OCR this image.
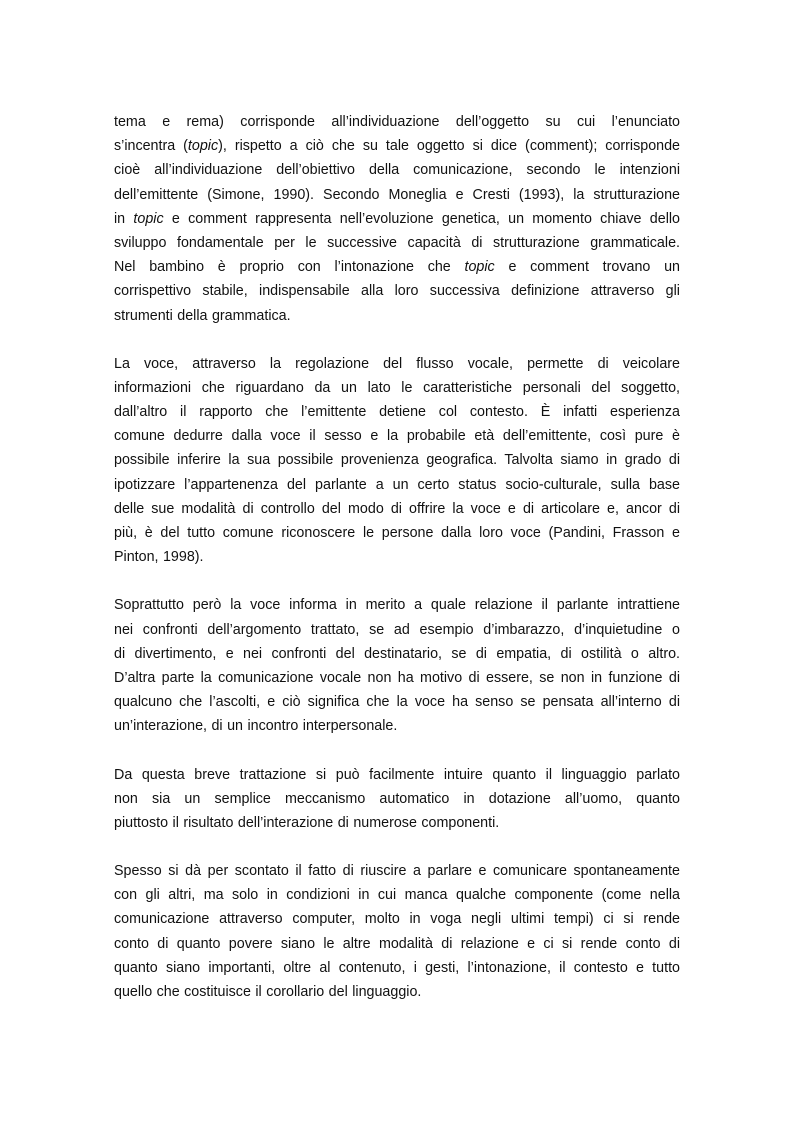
tema e rema) corrisponde all’individuazione dell’oggetto su cui l’enunciato
s’incentra (topic), rispetto a ciò che su tale oggetto si dice (comment); corrisponde
cioè all’individuazione dell’obiettivo della comunicazione, secondo le intenzioni
dell’emittente (Simone, 1990). Secondo Moneglia e Cresti (1993), la strutturazione
in topic e comment rappresenta nell’evoluzione genetica, un momento chiave dello
sviluppo fondamentale per le successive capacità di strutturazione grammaticale.
Nel bambino è proprio con l’intonazione che topic e comment trovano un
corrispettivo stabile, indispensabile alla loro successiva definizione attraverso gli
strumenti della grammatica.
La voce, attraverso la regolazione del flusso vocale, permette di veicolare
informazioni che riguardano da un lato le caratteristiche personali del soggetto,
dall’altro il rapporto che l’emittente detiene col contesto. È infatti esperienza
comune dedurre dalla voce il sesso e la probabile età dell’emittente, così pure è
possibile inferire la sua possibile provenienza geografica. Talvolta siamo in grado di
ipotizzare l’appartenenza del parlante a un certo status socio-culturale, sulla base
delle sue modalità di controllo del modo di offrire la voce e di articolare e, ancor di
più, è del tutto comune riconoscere le persone dalla loro voce (Pandini, Frasson e
Pinton, 1998).
Soprattutto però la voce informa in merito a quale relazione il parlante intrattiene
nei confronti dell’argomento trattato, se ad esempio d’imbarazzo, d’inquietudine o
di divertimento, e nei confronti del destinatario, se di empatia, di ostilità o altro.
D’altra parte la comunicazione vocale non ha motivo di essere, se non in funzione di
qualcuno che l’ascolti, e ciò significa che la voce ha senso se pensata all’interno di
un’interazione, di un incontro interpersonale.
Da questa breve trattazione si può facilmente intuire quanto il linguaggio parlato
non sia un semplice meccanismo automatico in dotazione all’uomo, quanto
piuttosto il risultato dell’interazione di numerose componenti.
Spesso si dà per scontato il fatto di riuscire a parlare e comunicare spontaneamente
con gli altri, ma solo in condizioni in cui manca qualche componente (come nella
comunicazione attraverso computer, molto in voga negli ultimi tempi) ci si rende
conto di quanto povere siano le altre modalità di relazione e ci si rende conto di
quanto siano importanti, oltre al contenuto, i gesti, l’intonazione, il contesto e tutto
quello che costituisce il corollario del linguaggio.
